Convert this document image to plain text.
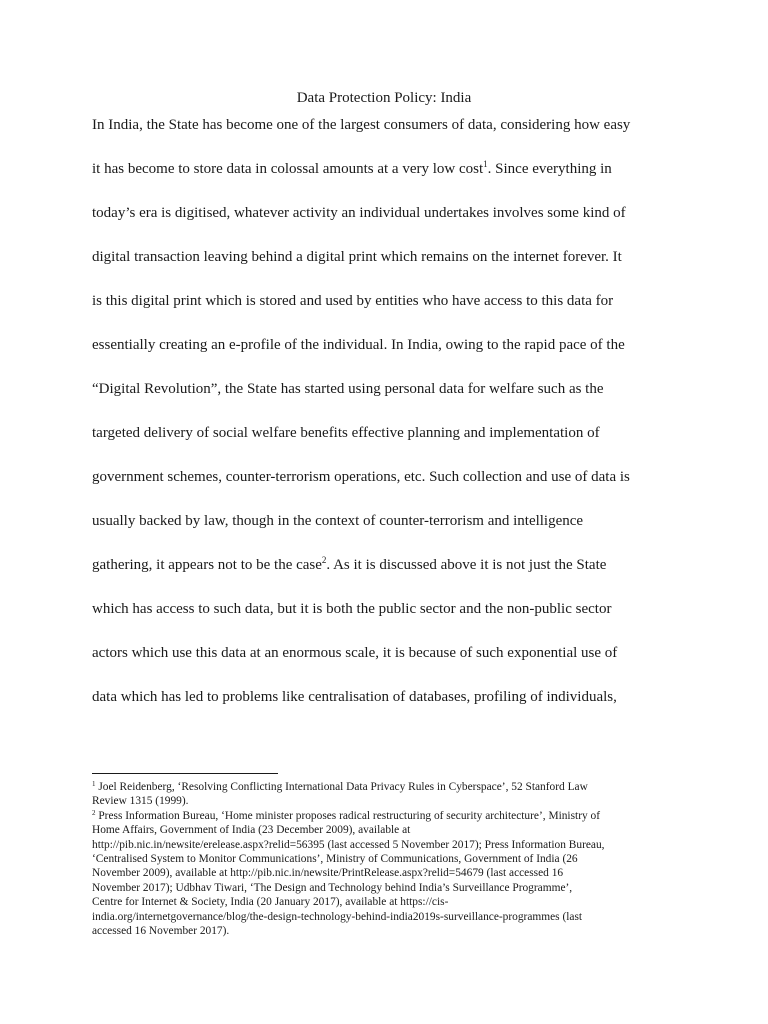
Data Protection Policy: India
In India, the State has become one of the largest consumers of data, considering how easy
it has become to store data in colossal amounts at a very low cost$^1$. Since everything in
today’s era is digitised, whatever activity an individual undertakes involves some kind of
digital transaction leaving behind a digital print which remains on the internet forever. It
is this digital print which is stored and used by entities who have access to this data for
essentially creating an e-profile of the individual. In India, owing to the rapid pace of the
“Digital Revolution”, the State has started using personal data for welfare such as the
targeted delivery of social welfare benefits effective planning and implementation of
government schemes, counter-terrorism operations, etc. Such collection and use of data is
usually backed by law, though in the context of counter-terrorism and intelligence
gathering, it appears not to be the case$^2$. As it is discussed above it is not just the State
which has access to such data, but it is both the public sector and the non-public sector
actors which use this data at an enormous scale, it is because of such exponential use of
data which has led to problems like centralisation of databases, profiling of individuals,
$^1$ Joel Reidenberg, ‘Resolving Conflicting International Data Privacy Rules in Cyberspace’, 52 Stanford Law
Review 1315 (1999).
$^2$ Press Information Bureau, ‘Home minister proposes radical restructuring of security architecture’, Ministry of
Home Affairs, Government of India (23 December 2009), available at
http://pib.nic.in/newsite/erelease.aspx?relid=56395 (last accessed 5 November 2017); Press Information Bureau,
‘Centralised System to Monitor Communications’, Ministry of Communications, Government of India (26
November 2009), available at http://pib.nic.in/newsite/PrintRelease.aspx?relid=54679 (last accessed 16
November 2017); Udbhav Tiwari, ‘The Design and Technology behind India’s Surveillance Programme’,
Centre for Internet & Society, India (20 January 2017), available at https://cis-
india.org/internetgovernance/blog/the-design-technology-behind-india2019s-surveillance-programmes (last
accessed 16 November 2017).
